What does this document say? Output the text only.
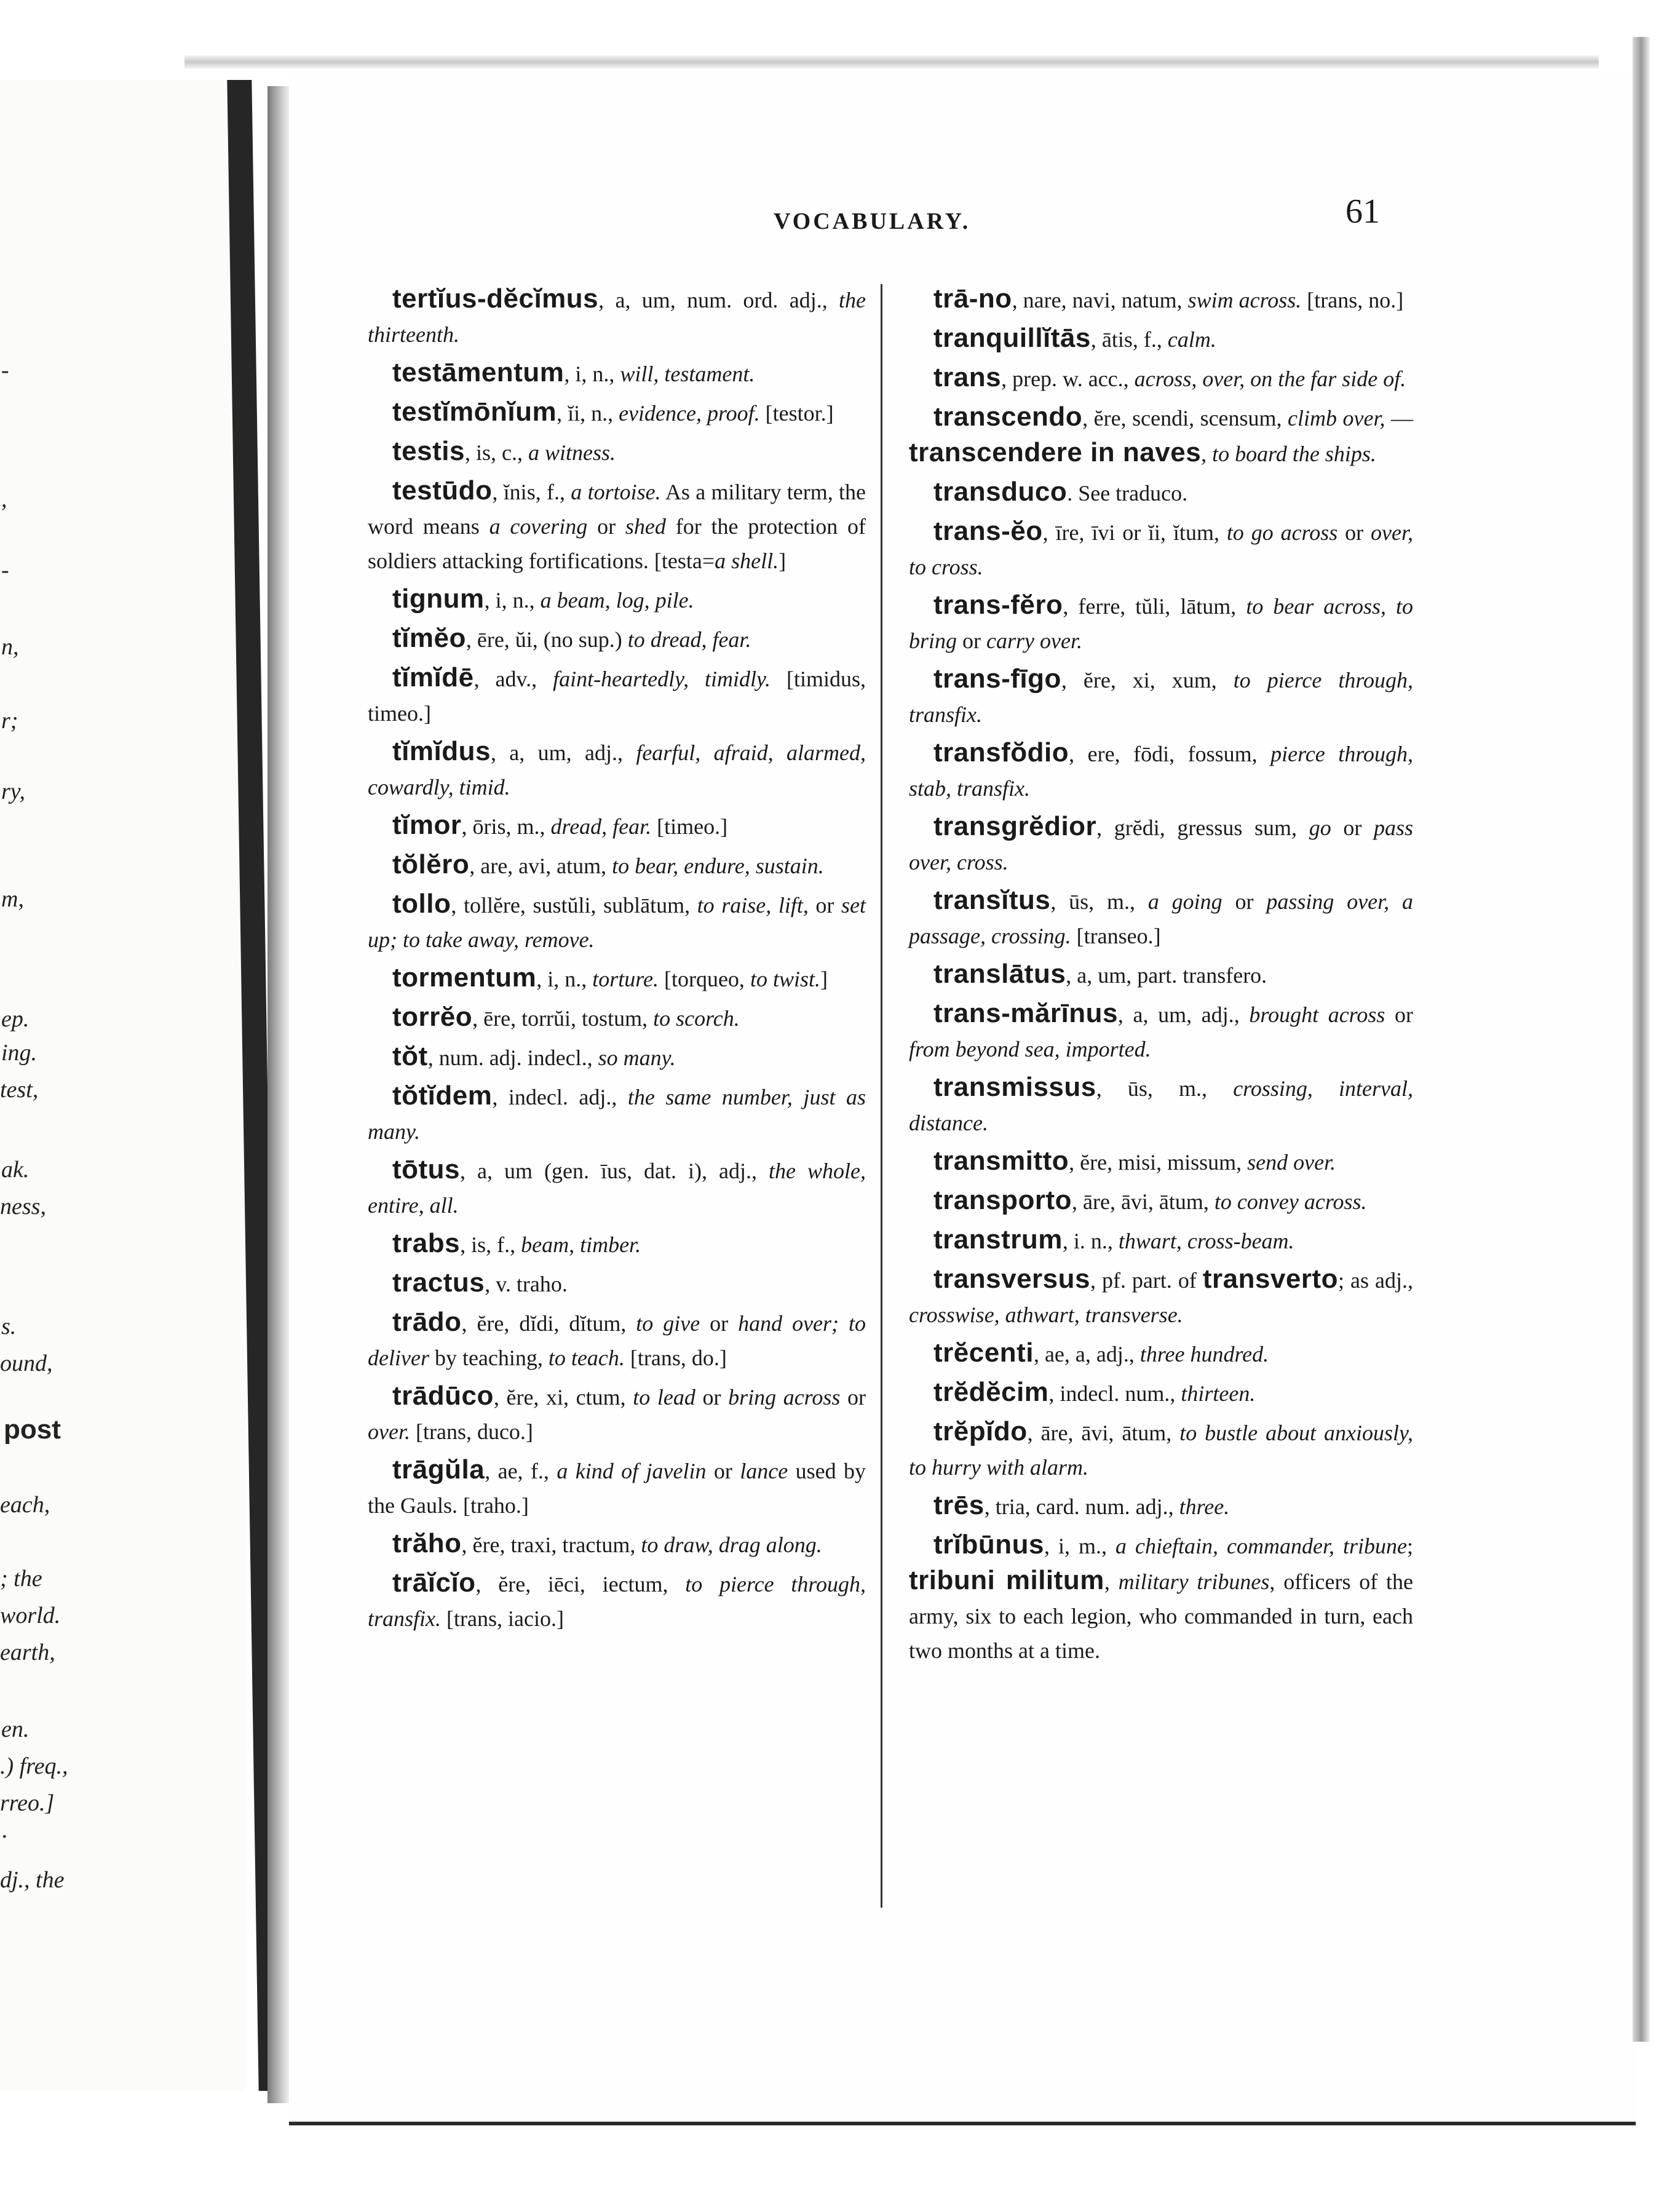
-
,
-
n,
r;
ry,
m,
ep.
ing.
test,
ak.
ness,
s.
ound,
post
each,
; the
world.
earth,
en.
.) freq.,
rreo.]
·
dj., the
VOCABULARY.	61

tertĭus-dĕcĭmus, a, um, num. ord. adj., the thirteenth.

testāmentum, i, n., will, testament.

testĭmōnĭum, ĭi, n., evidence, proof. [testor.]

testis, is, c., a witness.

testūdo, ĭnis, f., a tortoise. As a military term, the word means a covering or shed for the protection of soldiers attacking fortifications. [testa=a shell.]

tignum, i, n., a beam, log, pile.

tĭmĕo, ēre, ŭi, (no sup.) to dread, fear.

tĭmĭdē, adv., faint-heartedly, timidly. [timidus, timeo.]

tĭmĭdus, a, um, adj., fearful, afraid, alarmed, cowardly, timid.

tĭmor, ōris, m., dread, fear. [timeo.]

tŏlĕro, are, avi, atum, to bear, endure, sustain.

tollo, tollĕre, sustŭli, sublātum, to raise, lift, or set up; to take away, remove.

tormentum, i, n., torture. [torqueo, to twist.]

torrĕo, ēre, torrŭi, tostum, to scorch.

tŏt, num. adj. indecl., so many.

tŏtĭdem, indecl. adj., the same number, just as many.

tōtus, a, um (gen. īus, dat. i), adj., the whole, entire, all.

trabs, is, f., beam, timber.

tractus, v. traho.

trādo, ĕre, dĭdi, dĭtum, to give or hand over; to deliver by teaching, to teach. [trans, do.]

trādūco, ĕre, xi, ctum, to lead or bring across or over. [trans, duco.]

trāgŭla, ae, f., a kind of javelin or lance used by the Gauls. [traho.]

trăho, ĕre, traxi, tractum, to draw, drag along.

trāĭcĭo, ĕre, iēci, iectum, to pierce through, transfix. [trans, iacio.]

trā-no, nare, navi, natum, swim across. [trans, no.]

tranquillĭtās, ātis, f., calm.

trans, prep. w. acc., across, over, on the far side of.

transcendo, ĕre, scendi, scensum, climb over, — transcendere in naves, to board the ships.

transduco. See traduco.

trans-ĕo, īre, īvi or ĭi, ĭtum, to go across or over, to cross.

trans-fĕro, ferre, tŭli, lātum, to bear across, to bring or carry over.

trans-fīgo, ĕre, xi, xum, to pierce through, transfix.

transfŏdio, ere, fōdi, fossum, pierce through, stab, transfix.

transgrĕdior, grĕdi, gressus sum, go or pass over, cross.

transĭtus, ūs, m., a going or passing over, a passage, crossing. [transeo.]

translātus, a, um, part. transfero.

trans-mărīnus, a, um, adj., brought across or from beyond sea, imported.

transmissus, ūs, m., crossing, interval, distance.

transmitto, ĕre, misi, missum, send over.

transporto, āre, āvi, ātum, to convey across.

transtrum, i. n., thwart, cross-beam.

transversus, pf. part. of transverto; as adj., crosswise, athwart, transverse.

trĕcenti, ae, a, adj., three hundred.

trĕdĕcim, indecl. num., thirteen.

trĕpĭdo, āre, āvi, ātum, to bustle about anxiously, to hurry with alarm.

trēs, tria, card. num. adj., three.

trĭbūnus, i, m., a chieftain, commander, tribune; tribuni militum, military tribunes, officers of the army, six to each legion, who commanded in turn, each two months at a time.
